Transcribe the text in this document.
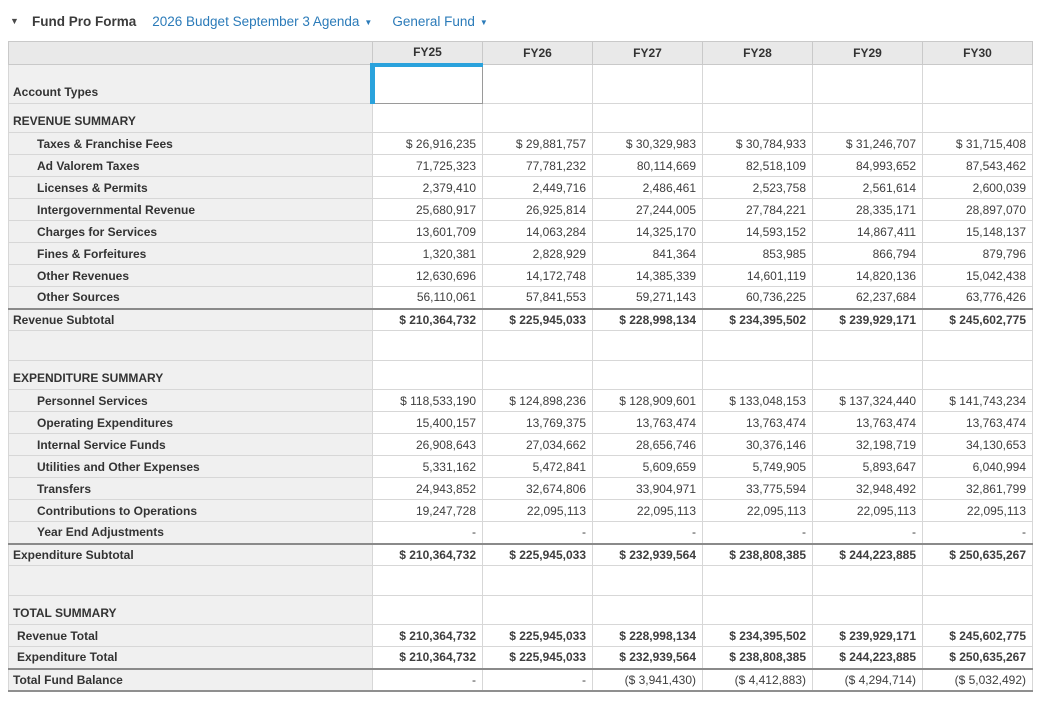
▼ Fund Pro Forma 2026 Budget September 3 Agenda ▼ General Fund ▼
	FY25	FY26	FY27	FY28	FY29	FY30
Account Types						
REVENUE SUMMARY						
Taxes & Franchise Fees	$ 26,916,235	$ 29,881,757	$ 30,329,983	$ 30,784,933	$ 31,246,707	$ 31,715,408
Ad Valorem Taxes	71,725,323	77,781,232	80,114,669	82,518,109	84,993,652	87,543,462
Licenses & Permits	2,379,410	2,449,716	2,486,461	2,523,758	2,561,614	2,600,039
Intergovernmental Revenue	25,680,917	26,925,814	27,244,005	27,784,221	28,335,171	28,897,070
Charges for Services	13,601,709	14,063,284	14,325,170	14,593,152	14,867,411	15,148,137
Fines & Forfeitures	1,320,381	2,828,929	841,364	853,985	866,794	879,796
Other Revenues	12,630,696	14,172,748	14,385,339	14,601,119	14,820,136	15,042,438
Other Sources	56,110,061	57,841,553	59,271,143	60,736,225	62,237,684	63,776,426
Revenue Subtotal	$ 210,364,732	$ 225,945,033	$ 228,998,134	$ 234,395,502	$ 239,929,171	$ 245,602,775

EXPENDITURE SUMMARY						
Personnel Services	$ 118,533,190	$ 124,898,236	$ 128,909,601	$ 133,048,153	$ 137,324,440	$ 141,743,234
Operating Expenditures	15,400,157	13,769,375	13,763,474	13,763,474	13,763,474	13,763,474
Internal Service Funds	26,908,643	27,034,662	28,656,746	30,376,146	32,198,719	34,130,653
Utilities and Other Expenses	5,331,162	5,472,841	5,609,659	5,749,905	5,893,647	6,040,994
Transfers	24,943,852	32,674,806	33,904,971	33,775,594	32,948,492	32,861,799
Contributions to Operations	19,247,728	22,095,113	22,095,113	22,095,113	22,095,113	22,095,113
Year End Adjustments	-	-	-	-	-	-
Expenditure Subtotal	$ 210,364,732	$ 225,945,033	$ 232,939,564	$ 238,808,385	$ 244,223,885	$ 250,635,267

TOTAL SUMMARY						
Revenue Total	$ 210,364,732	$ 225,945,033	$ 228,998,134	$ 234,395,502	$ 239,929,171	$ 245,602,775
Expenditure Total	$ 210,364,732	$ 225,945,033	$ 232,939,564	$ 238,808,385	$ 244,223,885	$ 250,635,267
Total Fund Balance	-	-	($ 3,941,430)	($ 4,412,883)	($ 4,294,714)	($ 5,032,492)
